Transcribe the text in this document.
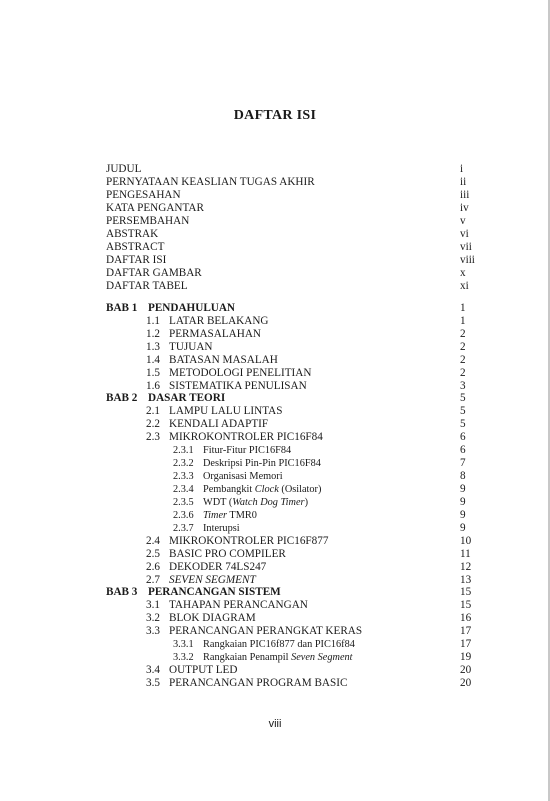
DAFTAR ISI
JUDUL	i
PERNYATAAN KEASLIAN TUGAS AKHIR	ii
PENGESAHAN	iii
KATA PENGANTAR	iv
PERSEMBAHAN	v
ABSTRAK	vi
ABSTRACT	vii
DAFTAR ISI	viii
DAFTAR GAMBAR	x
DAFTAR TABEL	xi
BAB 1 PENDAHULUAN	1
1.1 LATAR BELAKANG	1
1.2 PERMASALAHAN	2
1.3 TUJUAN	2
1.4 BATASAN MASALAH	2
1.5 METODOLOGI PENELITIAN	2
1.6 SISTEMATIKA PENULISAN	3
BAB 2 DASAR TEORI	5
2.1 LAMPU LALU LINTAS	5
2.2 KENDALI ADAPTIF	5
2.3 MIKROKONTROLER PIC16F84	6
2.3.1 Fitur-Fitur PIC16F84	6
2.3.2 Deskripsi Pin-Pin PIC16F84	7
2.3.3 Organisasi Memori	8
2.3.4 Pembangkit Clock (Osilator)	9
2.3.5 WDT (Watch Dog Timer)	9
2.3.6 Timer TMR0	9
2.3.7 Interupsi	9
2.4 MIKROKONTROLER PIC16F877	10
2.5 BASIC PRO COMPILER	11
2.6 DEKODER 74LS247	12
2.7 SEVEN SEGMENT	13
BAB 3 PERANCANGAN SISTEM	15
3.1 TAHAPAN PERANCANGAN	15
3.2 BLOK DIAGRAM	16
3.3 PERANCANGAN PERANGKAT KERAS	17
3.3.1 Rangkaian PIC16f877 dan PIC16f84	17
3.3.2 Rangkaian Penampil Seven Segment	19
3.4 OUTPUT LED	20
3.5 PERANCANGAN PROGRAM BASIC	20
viii
